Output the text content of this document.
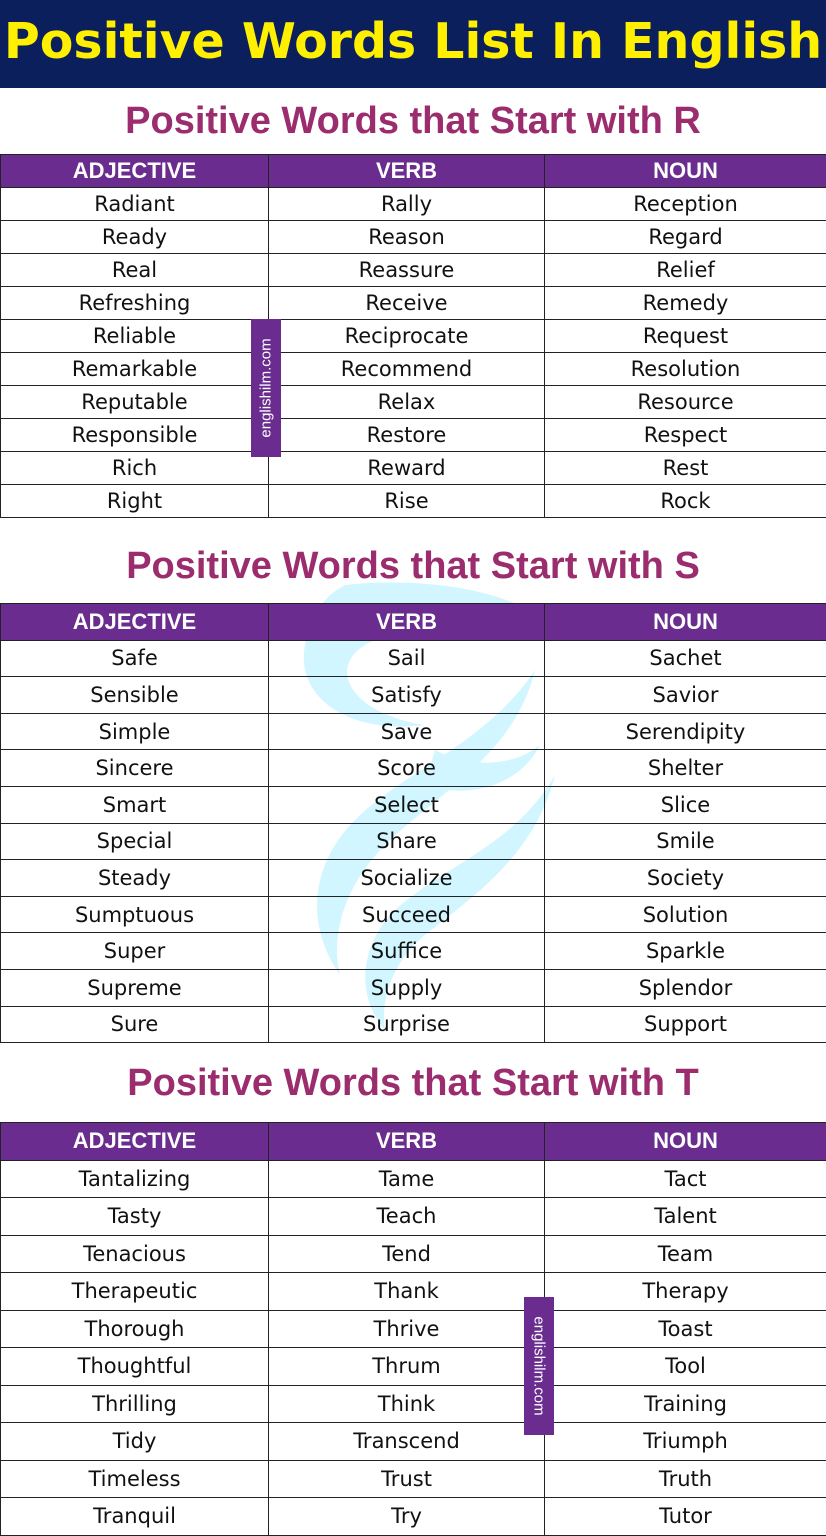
Positive Words List In English
Positive Words that Start with R
ADJECTIVE	VERB	NOUN
Radiant	Rally	Reception
Ready	Reason	Regard
Real	Reassure	Relief
Refreshing	Receive	Remedy
Reliable	Reciprocate	Request
Remarkable	Recommend	Resolution
Reputable	Relax	Resource
Responsible	Restore	Respect
Rich	Reward	Rest
Right	Rise	Rock
Positive Words that Start with S
ADJECTIVE	VERB	NOUN
Safe	Sail	Sachet
Sensible	Satisfy	Savior
Simple	Save	Serendipity
Sincere	Score	Shelter
Smart	Select	Slice
Special	Share	Smile
Steady	Socialize	Society
Sumptuous	Succeed	Solution
Super	Suffice	Sparkle
Supreme	Supply	Splendor
Sure	Surprise	Support
Positive Words that Start with T
ADJECTIVE	VERB	NOUN
Tantalizing	Tame	Tact
Tasty	Teach	Talent
Tenacious	Tend	Team
Therapeutic	Thank	Therapy
Thorough	Thrive	Toast
Thoughtful	Thrum	Tool
Thrilling	Think	Training
Tidy	Transcend	Triumph
Timeless	Trust	Truth
Tranquil	Try	Tutor
englishilm.com
englishilm.com
